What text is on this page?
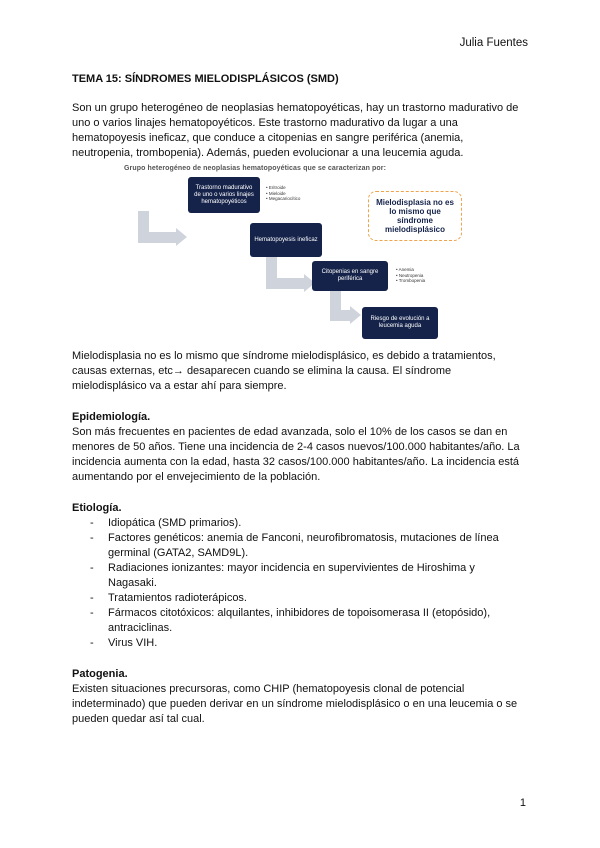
Julia Fuentes

TEMA 15: SÍNDROMES MIELODISPLÁSICOS (SMD)

Son un grupo heterogéneo de neoplasias hematopoyéticas, hay un trastorno madurativo de
uno o varios linajes hematopoyéticos. Este trastorno madurativo da lugar a una
hematopoyesis ineficaz, que conduce a citopenias en sangre periférica (anemia,
neutropenia, trombopenia). Además, pueden evolucionar a una leucemia aguda.
Grupo heterogéneo de neoplasias hematopoyéticas que se caracterizan por:
Trastorno madurativo de uno o varios linajes hematopoyéticos
• Eritroide
• Mieloide
• Megacariocítico
Hematopoyesis ineficaz
Citopenias en sangre periférica
• Anemia
• Neutropenia
• Trombopenia
Riesgo de evolución a leucemia aguda
Mielodisplasia no es lo mismo que síndrome mielodisplásico
Mielodisplasia no es lo mismo que síndrome mielodisplásico, es debido a tratamientos,
causas externas, etc→ desaparecen cuando se elimina la causa. El síndrome
mielodisplásico va a estar ahí para siempre.

Epidemiología.

Son más frecuentes en pacientes de edad avanzada, solo el 10% de los casos se dan en
menores de 50 años. Tiene una incidencia de 2-4 casos nuevos/100.000 habitantes/año. La
incidencia aumenta con la edad, hasta 32 casos/100.000 habitantes/año. La incidencia está
aumentando por el envejecimiento de la población.

Etiología.

- Idiopática (SMD primarios).
- Factores genéticos: anemia de Fanconi, neurofibromatosis, mutaciones de línea
germinal (GATA2, SAMD9L).
- Radiaciones ionizantes: mayor incidencia en supervivientes de Hiroshima y
Nagasaki.
- Tratamientos radioterápicos.
- Fármacos citotóxicos: alquilantes, inhibidores de topoisomerasa II (etopósido),
antraciclinas.
- Virus VIH.

Patogenia.

Existen situaciones precursoras, como CHIP (hematopoyesis clonal de potencial
indeterminado) que pueden derivar en un síndrome mielodisplásico o en una leucemia o se
pueden quedar así tal cual.
1
